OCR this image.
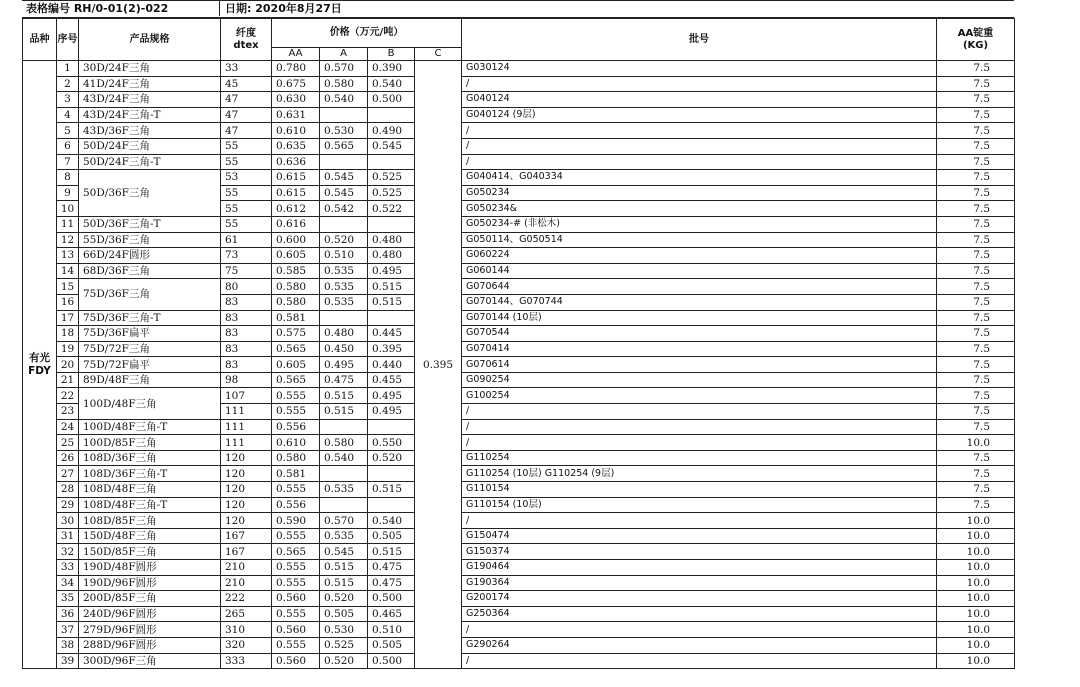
表格编号 RH/0-01(2)-022	日期: 2020年8月27日
品种	序号	产品规格	纤度
dtex	价格（万元/吨）				批号	AA锭重
(KG)
				AA	A	B	C		
有光 FDY	1	30D/24F三角	33	0.780	0.570	0.390	0.395	G030124	7.5
	2	41D/24F三角	45	0.675	0.580	0.540		/	7.5
	3	43D/24F三角	47	0.630	0.540	0.500		G040124	7.5
	4	43D/24F三角-T	47	0.631				G040124 (9层)	7.5
	5	43D/36F三角	47	0.610	0.530	0.490		/	7.5
	6	50D/24F三角	55	0.635	0.565	0.545		/	7.5
	7	50D/24F三角-T	55	0.636				/	7.5
	8	50D/36F三角	53	0.615	0.545	0.525		G040414、G040334	7.5
	9		55	0.615	0.545	0.525		G050234	7.5
	10		55	0.612	0.542	0.522		G050234&	7.5
	11	50D/36F三角-T	55	0.616				G050234-# (非松木)	7.5
	12	55D/36F三角	61	0.600	0.520	0.480		G050114、G050514	7.5
	13	66D/24F圆形	73	0.605	0.510	0.480		G060224	7.5
	14	68D/36F三角	75	0.585	0.535	0.495		G060144	7.5
	15	75D/36F三角	80	0.580	0.535	0.515		G070644	7.5
	16		83	0.580	0.535	0.515		G070144、G070744	7.5
	17	75D/36F三角-T	83	0.581				G070144 (10层)	7.5
	18	75D/36F扁平	83	0.575	0.480	0.445		G070544	7.5
	19	75D/72F三角	83	0.565	0.450	0.395		G070414	7.5
	20	75D/72F扁平	83	0.605	0.495	0.440		G070614	7.5
	21	89D/48F三角	98	0.565	0.475	0.455		G090254	7.5
	22	100D/48F三角	107	0.555	0.515	0.495		G100254	7.5
	23		111	0.555	0.515	0.495		/	7.5
	24	100D/48F三角-T	111	0.556				/	7.5
	25	100D/85F三角	111	0.610	0.580	0.550		/	10.0
	26	108D/36F三角	120	0.580	0.540	0.520		G110254	7.5
	27	108D/36F三角-T	120	0.581				G110254 (10层) G110254 (9层)	7.5
	28	108D/48F三角	120	0.555	0.535	0.515		G110154	7.5
	29	108D/48F三角-T	120	0.556				G110154 (10层)	7.5
	30	108D/85F三角	120	0.590	0.570	0.540		/	10.0
	31	150D/48F三角	167	0.555	0.535	0.505		G150474	10.0
	32	150D/85F三角	167	0.565	0.545	0.515		G150374	10.0
	33	190D/48F圆形	210	0.555	0.515	0.475		G190464	10.0
	34	190D/96F圆形	210	0.555	0.515	0.475		G190364	10.0
	35	200D/85F三角	222	0.560	0.520	0.500		G200174	10.0
	36	240D/96F圆形	265	0.555	0.505	0.465		G250364	10.0
	37	279D/96F圆形	310	0.560	0.530	0.510		/	10.0
	38	288D/96F圆形	320	0.555	0.525	0.505		G290264	10.0
	39	300D/96F三角	333	0.560	0.520	0.500		/	10.0
